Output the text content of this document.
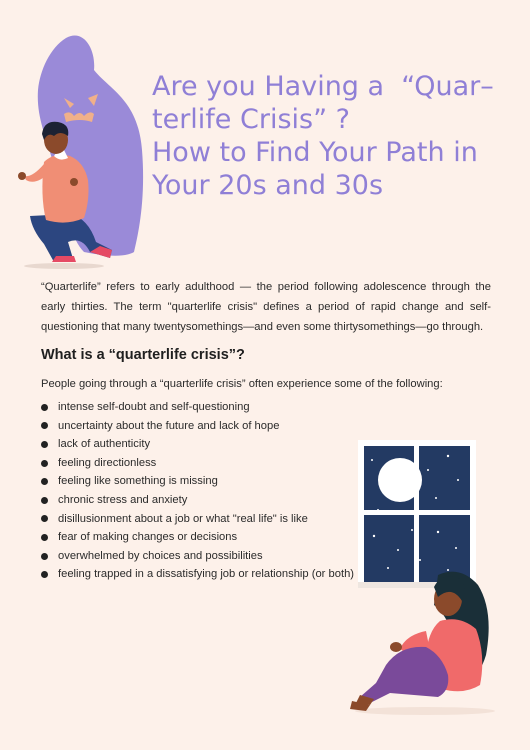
Are you Having a  “Quar–
terlife Crisis” ?
How to Find Your Path in
Your 20s and 30s

“Quarterlife” refers to early adulthood — the period following adolescence through the early thirties. The term "quarterlife crisis" defines a period of rapid change and self-questioning that many twentysomethings—and even some thirtysomethings—go through.

What is a “quarterlife crisis”?

People going through a “quarterlife crisis” often experience some of the following:

intense self-doubt and self-questioning
uncertainty about the future and lack of hope
lack of authenticity
feeling directionless
feeling like something is missing
chronic stress and anxiety
disillusionment about a job or what "real life" is like
fear of making changes or decisions
overwhelmed by choices and possibilities
feeling trapped in a dissatisfying job or relationship (or both)
